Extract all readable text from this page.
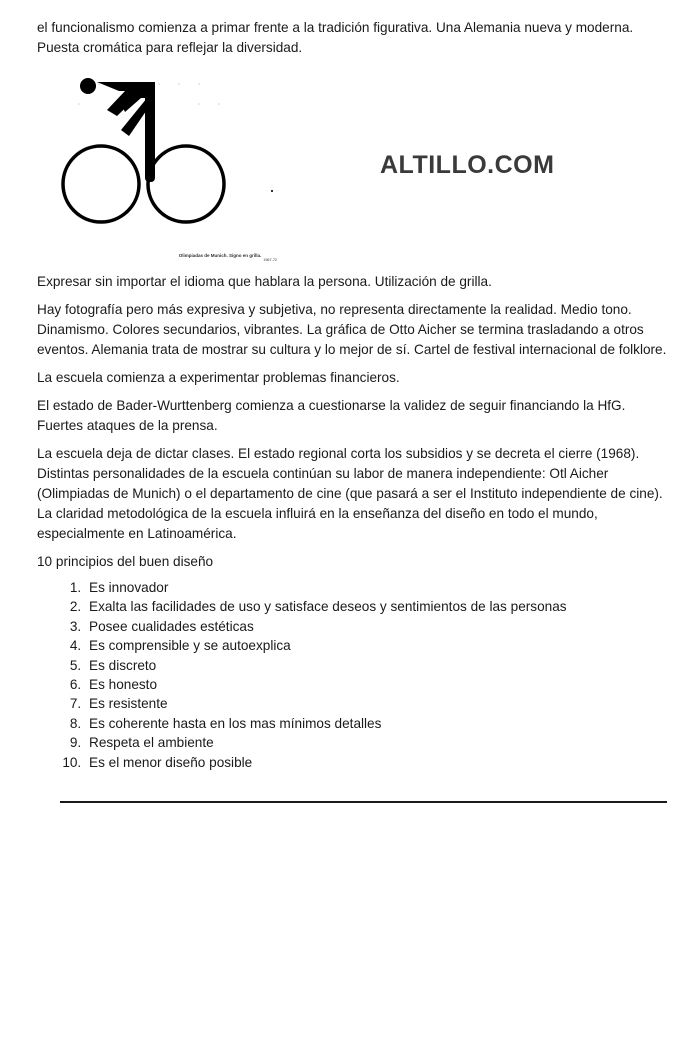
el funcionalismo comienza a primar frente a la tradición figurativa. Una Alemania nueva y moderna. Puesta cromática para reflejar la diversidad.

Olimpiadas de Munich. Signo en grilla.
1967-72
ALTILLO.COM

Expresar sin importar el idioma que hablara la persona. Utilización de grilla.

Hay fotografía pero más expresiva y subjetiva, no representa directamente la realidad. Medio tono. Dinamismo. Colores secundarios, vibrantes. La gráfica de Otto Aicher se termina trasladando a otros eventos. Alemania trata de mostrar su cultura y lo mejor de sí. Cartel de festival internacional de folklore.

La escuela comienza a experimentar problemas financieros.

El estado de Bader-Wurttenberg comienza a cuestionarse la validez de seguir financiando la HfG. Fuertes ataques de la prensa.

La escuela deja de dictar clases. El estado regional corta los subsidios y se decreta el cierre (1968). Distintas personalidades de la escuela continúan su labor de manera independiente: Otl Aicher (Olimpiadas de Munich) o el departamento de cine (que pasará a ser el Instituto independiente de cine). La claridad metodológica de la escuela influirá en la enseñanza del diseño en todo el mundo, especialmente en Latinoamérica.

10 principios del buen diseño

1. Es innovador
2. Exalta las facilidades de uso y satisface deseos y sentimientos de las personas
3. Posee cualidades estéticas
4. Es comprensible y se autoexplica
5. Es discreto
6. Es honesto
7. Es resistente
8. Es coherente hasta en los mas mínimos detalles
9. Respeta el ambiente
10. Es el menor diseño posible
